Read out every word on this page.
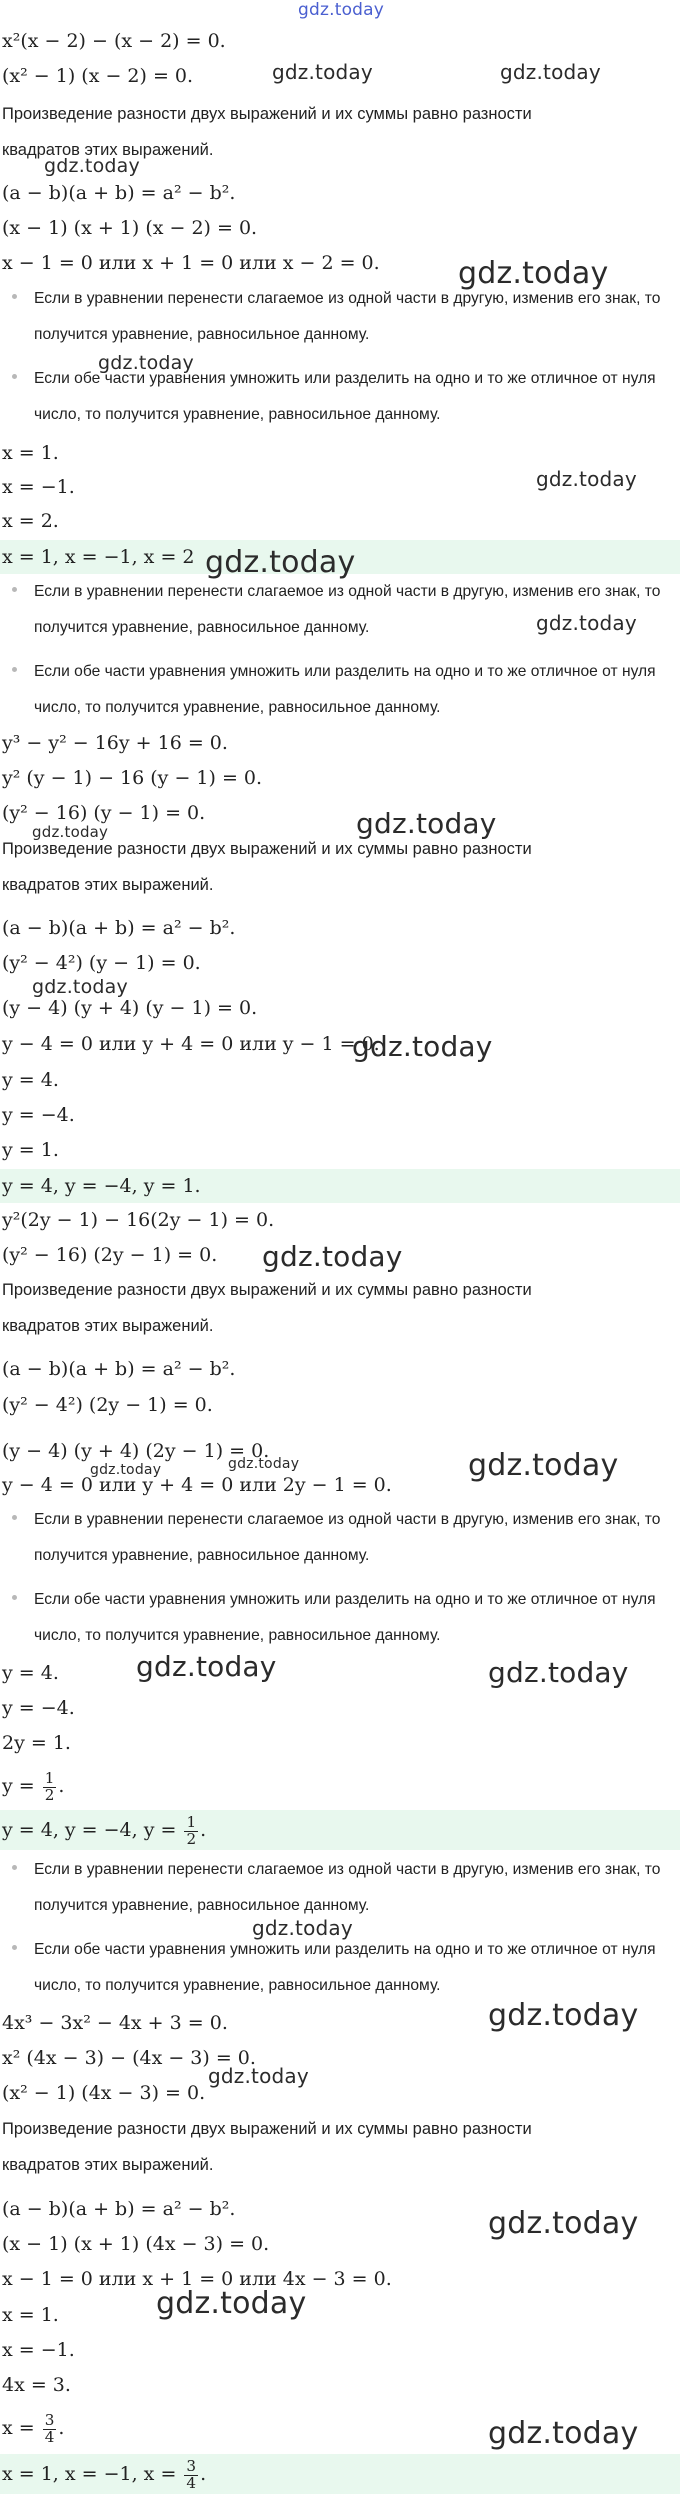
gdz.today
x²(x − 2) − (x − 2) = 0.
(x² − 1) (x − 2) = 0.
Произведение разности двух выражений и их суммы равно разности
квадратов этих выражений.
(a − b)(a + b) = a² − b².
(x − 1) (x + 1) (x − 2) = 0.
x − 1 = 0 или x + 1 = 0 или x − 2 = 0.
Если в уравнении перенести слагаемое из одной части в другую, изменив его знак, то получится уравнение, равносильное данному.
Если обе части уравнения умножить или разделить на одно и то же отличное от нуля число, то получится уравнение, равносильное данному.
x = 1.
x = −1.
x = 2.
x = 1, x = −1, x = 2
Если в уравнении перенести слагаемое из одной части в другую, изменив его знак, то получится уравнение, равносильное данному.
Если обе части уравнения умножить или разделить на одно и то же отличное от нуля число, то получится уравнение, равносильное данному.
y³ − y² − 16y + 16 = 0.
y² (y − 1) − 16 (y − 1) = 0.
(y² − 16) (y − 1) = 0.
Произведение разности двух выражений и их суммы равно разности
квадратов этих выражений.
(a − b)(a + b) = a² − b².
(y² − 4²) (y − 1) = 0.
(y − 4) (y + 4) (y − 1) = 0.
y − 4 = 0 или y + 4 = 0 или y − 1 = 0.
y = 4.
y = −4.
y = 1.
y = 4, y = −4, y = 1.
y²(2y − 1) − 16(2y − 1) = 0.
(y² − 16) (2y − 1) = 0.
Произведение разности двух выражений и их суммы равно разности
квадратов этих выражений.
(a − b)(a + b) = a² − b².
(y² − 4²) (2y − 1) = 0.
(y − 4) (y + 4) (2y − 1) = 0.
y − 4 = 0 или y + 4 = 0 или 2y − 1 = 0.
Если в уравнении перенести слагаемое из одной части в другую, изменив его знак, то получится уравнение, равносильное данному.
Если обе части уравнения умножить или разделить на одно и то же отличное от нуля число, то получится уравнение, равносильное данному.
y = 4.
y = −4.
2y = 1.
$y = \frac{1}{2}$ .
y = 4, y = −4, $y = \frac{1}{2}$ .
Если в уравнении перенести слагаемое из одной части в другую, изменив его знак, то получится уравнение, равносильное данному.
Если обе части уравнения умножить или разделить на одно и то же отличное от нуля число, то получится уравнение, равносильное данному.
4x³ − 3x² − 4x + 3 = 0.
x² (4x − 3) − (4x − 3) = 0.
(x² − 1) (4x − 3) = 0.
Произведение разности двух выражений и их суммы равно разности
квадратов этих выражений.
(a − b)(a + b) = a² − b².
(x − 1) (x + 1) (4x − 3) = 0.
x − 1 = 0 или x + 1 = 0 или 4x − 3 = 0.
x = 1.
x = −1.
4x = 3.
$x = \frac{3}{4}$ .
x = 1, x = −1, $x = \frac{3}{4}$ .
gdz.today	gdz.today
gdz.today
gdz.today
gdz.today
gdz.today
gdz.today
gdz.today
gdz.today	gdz.today
gdz.today
gdz.today
gdz.today
gdz.today
gdz.today	gdz.today
gdz.today	gdz.today
gdz.today
gdz.today
gdz.today
gdz.today
gdz.today
gdz.today
